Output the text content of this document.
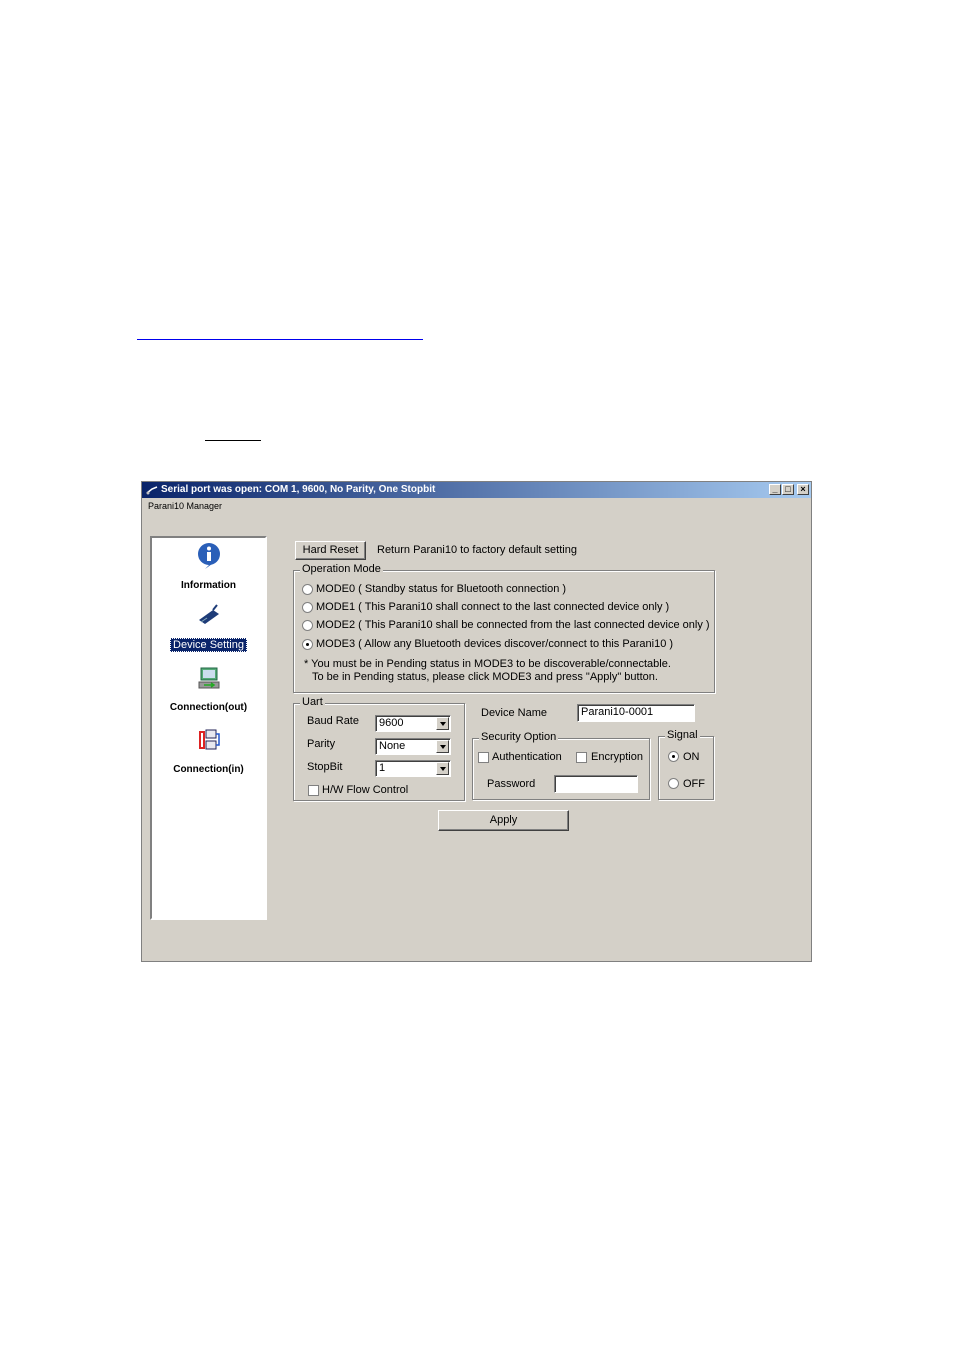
Serial port was open: COM 1, 9600, No Parity, One Stopbit	_ □	×
Parani10 Manager
Information
Device Setting
Connection(out)
Connection(in)
Hard Reset	Return Parani10 to factory default setting
Operation Mode
MODE0 ( Standby status for Bluetooth connection )
MODE1 ( This Parani10 shall connect to the last connected device only )
MODE2 ( This Parani10 shall be connected from the last connected device only )
MODE3 ( Allow any Bluetooth devices discover/connect to this Parani10 )
* You must be in Pending status in MODE3 to be discoverable/connectable.
To be in Pending status, please click MODE3 and press "Apply" button.
Uart
Baud Rate	9600
Parity	None
StopBit	1
H/W Flow Control
Device Name	Parani10-0001
Security Option
Authentication	Encryption
Password
Signal
ON
OFF
Apply
